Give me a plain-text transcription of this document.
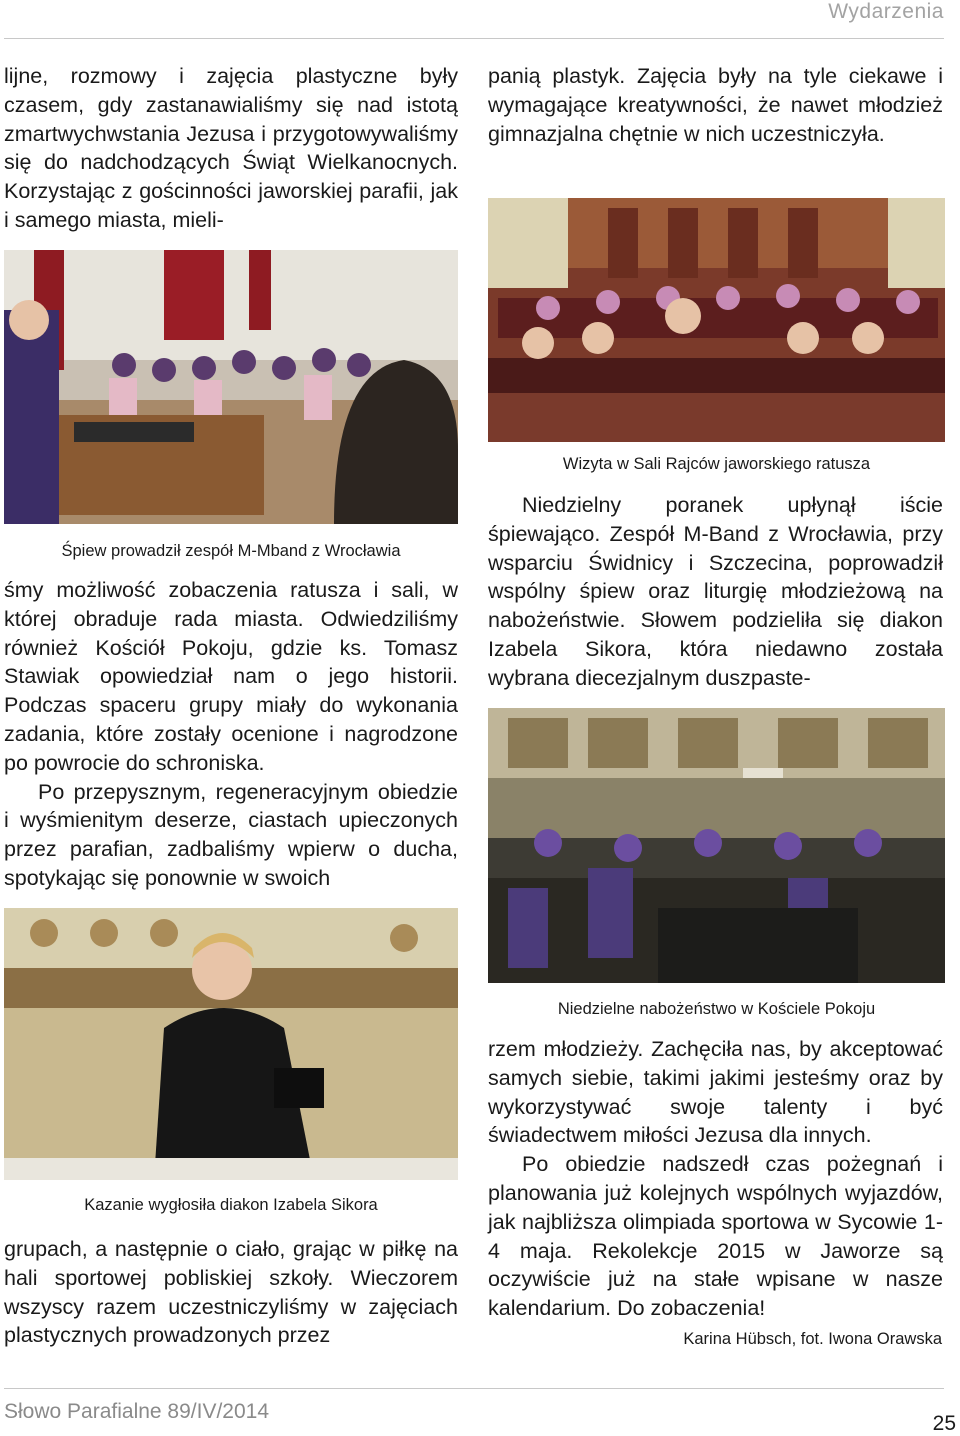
Wydarzenia

lijne, rozmowy i zajęcia plastyczne były czasem, gdy zastanawialiśmy się nad istotą zmartwychwstania Jezusa i przygotowywaliśmy się do nadchodzących Świąt Wielkanocnych. Korzystając z gościnności jaworskiej parafii, jak i samego miasta, mieli-

Śpiew prowadził zespół M-Mband z Wrocławia

śmy możliwość zobaczenia ratusza i sali, w której obraduje rada miasta. Odwiedziliśmy również Kościół Pokoju, gdzie ks. Tomasz Stawiak opowiedział nam o jego historii. Podczas spaceru grupy miały do wykonania zadania, które zostały ocenione i nagrodzone po powrocie do schroniska.

Po przepysznym, regeneracyjnym obiedzie i wyśmienitym deserze, ciastach upieczonych przez parafian, zadbaliśmy wpierw o ducha, spotykając się ponownie w swoich

Kazanie wygłosiła diakon Izabela Sikora

grupach, a następnie o ciało, grając w piłkę na hali sportowej pobliskiej szkoły. Wieczorem wszyscy razem uczestniczyliśmy w zajęciach plastycznych prowadzonych przez

panią plastyk. Zajęcia były na tyle ciekawe i wymagające kreatywności, że nawet młodzież gimnazjalna chętnie w nich uczestniczyła.

Wizyta w Sali Rajców jaworskiego ratusza

Niedzielny poranek upłynął iście śpiewająco. Zespół M-Band z Wrocławia, przy wsparciu Świdnicy i Szczecina, poprowadził wspólny śpiew oraz liturgię młodzieżową na nabożeństwie. Słowem podzieliła się diakon Izabela Sikora, która niedawno została wybrana diecezjalnym duszpaste-

Niedzielne nabożeństwo w Kościele Pokoju

rzem młodzieży. Zachęciła nas, by akceptować samych siebie, takimi jakimi jesteśmy oraz by wykorzystywać swoje talenty i być świadectwem miłości Jezusa dla innych.

Po obiedzie nadszedł czas pożegnań i planowania już kolejnych wspólnych wyjazdów, jak najbliższa olimpiada sportowa w Sycowie 1-4 maja. Rekolekcje 2015 w Jaworze są oczywiście już na stałe wpisane w nasze kalendarium. Do zobaczenia!

Karina Hübsch, fot. Iwona Orawska
Słowo Parafialne 89/IV/2014
25
